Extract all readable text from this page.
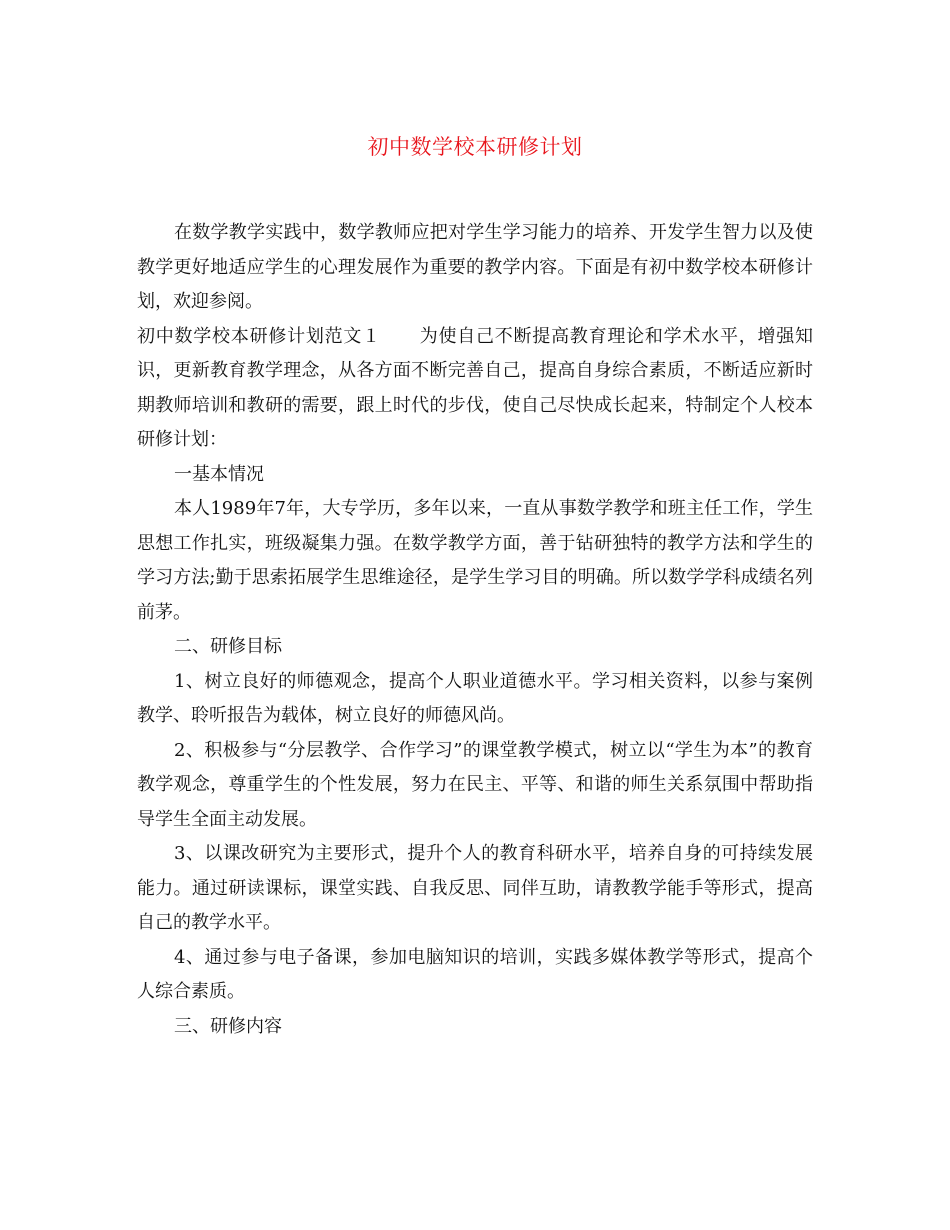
初中数学校本研修计划

在数学教学实践中，数学教师应把对学生学习能力的培养、开发学生智力以及使教学更好地适应学生的心理发展作为重要的教学内容。下面是有初中数学校本研修计划，欢迎参阅。

初中数学校本研修计划范文１ 为使自己不断提高教育理论和学术水平，增强知识，更新教育教学理念，从各方面不断完善自己，提高自身综合素质，不断适应新时期教师培训和教研的需要，跟上时代的步伐，使自己尽快成长起来，特制定个人校本研修计划：

一基本情况

本人1989年7年，大专学历，多年以来，一直从事数学教学和班主任工作，学生思想工作扎实，班级凝集力强。在数学教学方面，善于钻研独特的教学方法和学生的学习方法;勤于思索拓展学生思维途径，是学生学习目的明确。所以数学学科成绩名列前茅。

二、研修目标

1、树立良好的师德观念，提高个人职业道德水平。学习相关资料，以参与案例教学、聆听报告为载体，树立良好的师德风尚。

2、积极参与“分层教学、合作学习”的课堂教学模式，树立以“学生为本”的教育教学观念，尊重学生的个性发展，努力在民主、平等、和谐的师生关系氛围中帮助指导学生全面主动发展。

3、以课改研究为主要形式，提升个人的教育科研水平，培养自身的可持续发展能力。通过研读课标，课堂实践、自我反思、同伴互助，请教教学能手等形式，提高自己的教学水平。

4、通过参与电子备课，参加电脑知识的培训，实践多媒体教学等形式，提高个人综合素质。

三、研修内容
